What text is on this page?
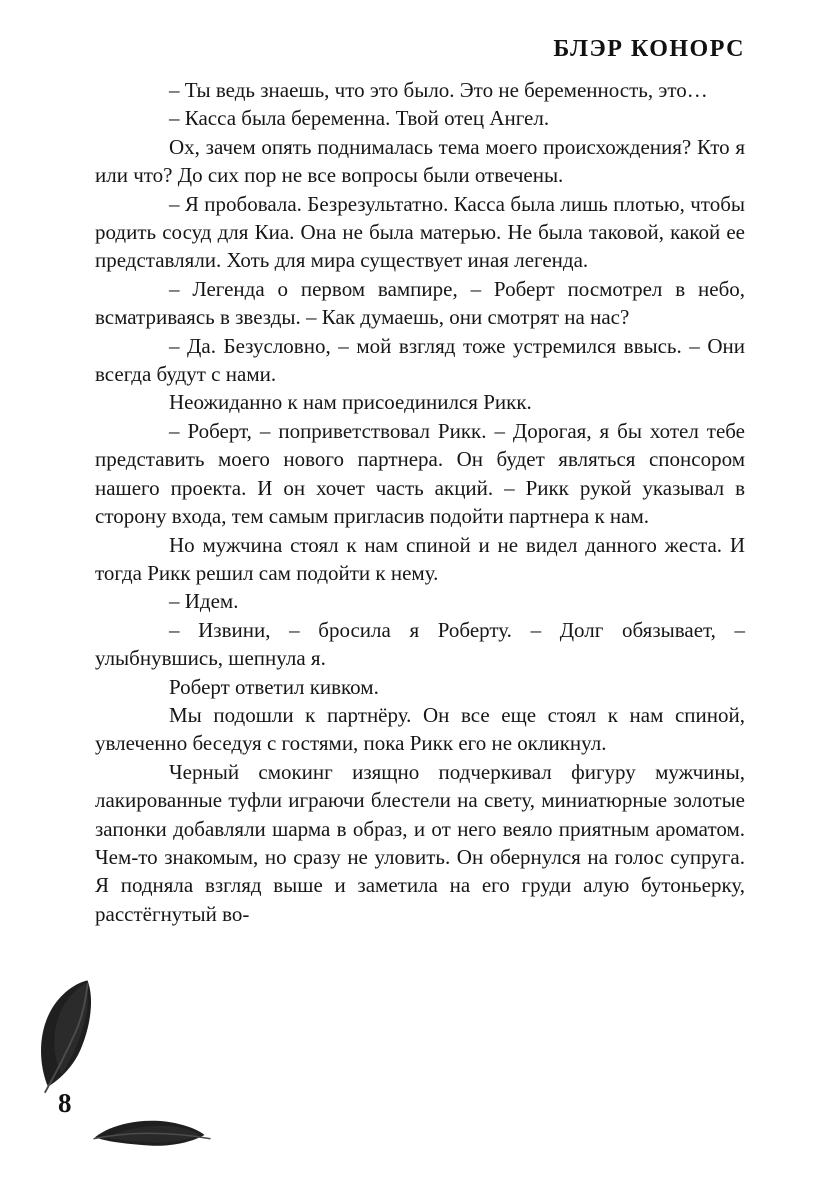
БЛЭР КОНОРС

– Ты ведь знаешь, что это было. Это не беременность, это…

– Касса была беременна. Твой отец Ангел.

Ох, зачем опять поднималась тема моего происхождения? Кто я или что? До сих пор не все вопросы были отвечены.

– Я пробовала. Безрезультатно. Касса была лишь плотью, чтобы родить сосуд для Киа. Она не была матерью. Не была таковой, какой ее представляли. Хоть для мира существует иная легенда.

– Легенда о первом вампире, – Роберт посмотрел в небо, всматриваясь в звезды. – Как думаешь, они смотрят на нас?

– Да. Безусловно, – мой взгляд тоже устремился ввысь. – Они всегда будут с нами.

Неожиданно к нам присоединился Рикк.

– Роберт, – поприветствовал Рикк. – Дорогая, я бы хотел тебе представить моего нового партнера. Он будет являться спонсором нашего проекта. И он хочет часть акций. – Рикк рукой указывал в сторону входа, тем самым пригласив подойти партнера к нам.

Но мужчина стоял к нам спиной и не видел данного жеста. И тогда Рикк решил сам подойти к нему.

– Идем.

– Извини, – бросила я Роберту. – Долг обязывает, – улыбнувшись, шепнула я.

Роберт ответил кивком.

Мы подошли к партнёру. Он все еще стоял к нам спиной, увлеченно беседуя с гостями, пока Рикк его не окликнул.

Черный смокинг изящно подчеркивал фигуру мужчины, лакированные туфли играючи блестели на свету, миниатюрные золотые запонки добавляли шарма в образ, и от него веяло приятным ароматом. Чем-то знакомым, но сразу не уловить. Он обернулся на голос супруга. Я подняла взгляд выше и заметила на его груди алую бутоньерку, расстёгнутый во-

8
